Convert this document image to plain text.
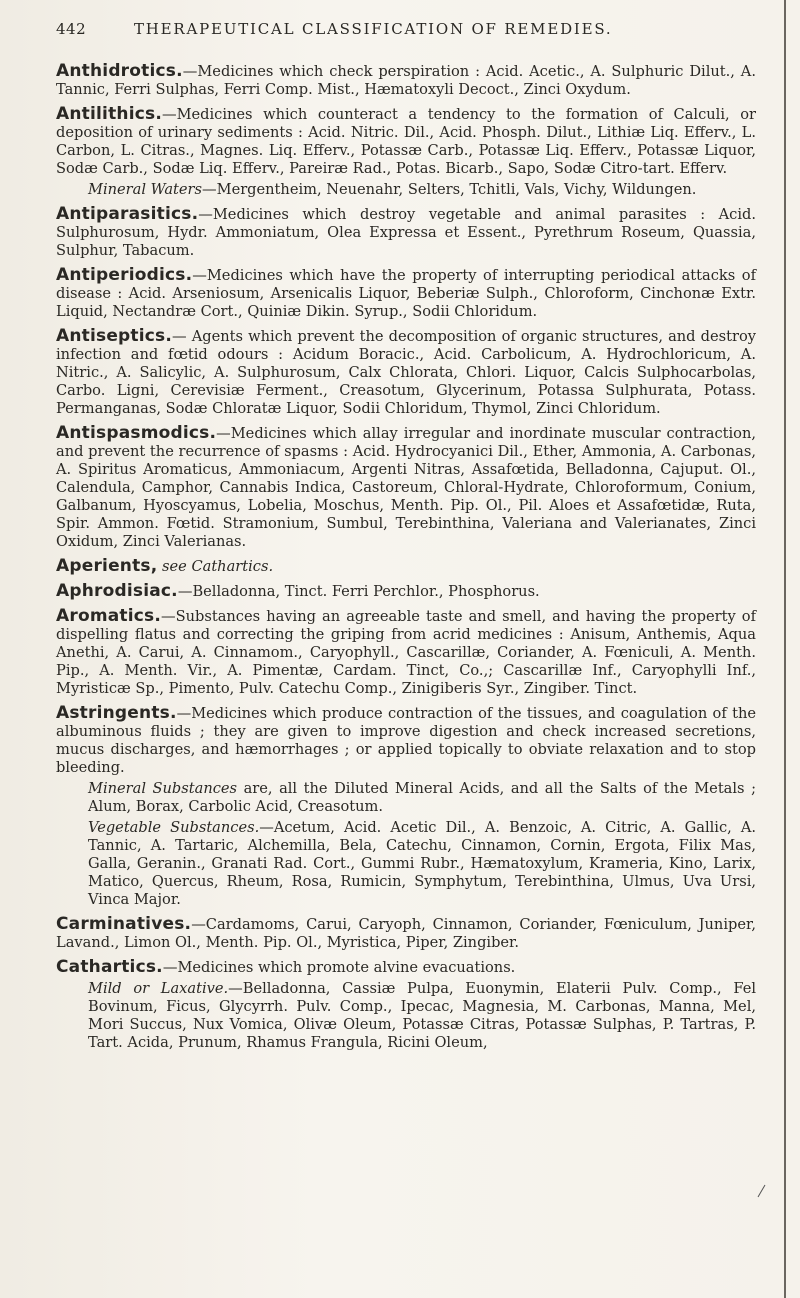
442	THERAPEUTICAL CLASSIFICATION OF REMEDIES.
Anthidrotics.—Medicines which check perspiration : Acid. Acetic., A. Sulphuric Dilut., A. Tannic, Ferri Sulphas, Ferri Comp. Mist., Hæmatoxyli Decoct., Zinci Oxydum.
Antilithics.—Medicines which counteract a tendency to the formation of Calculi, or deposition of urinary sediments : Acid. Nitric. Dil., Acid. Phosph. Dilut., Lithiæ Liq. Efferv., L. Carbon, L. Citras., Magnes. Liq. Efferv., Potassæ Carb., Potassæ Liq. Efferv., Potassæ Liquor, Sodæ Carb., Sodæ Liq. Efferv., Pareiræ Rad., Potas. Bicarb., Sapo, Sodæ Citro-tart. Efferv.
Mineral Waters—Mergentheim, Neuenahr, Selters, Tchitli, Vals, Vichy, Wildungen.
Antiparasitics.—Medicines which destroy vegetable and animal parasites : Acid. Sulphurosum, Hydr. Ammoniatum, Olea Expressa et Essent., Pyrethrum Roseum, Quassia, Sulphur, Tabacum.
Antiperiodics.—Medicines which have the property of interrupting periodical attacks of disease : Acid. Arseniosum, Arsenicalis Liquor, Beberiæ Sulph., Chloroform, Cinchonæ Extr. Liquid, Nectandræ Cort., Quiniæ Dikin. Syrup., Sodii Chloridum.
Antiseptics.— Agents which prevent the decomposition of organic structures, and destroy infection and fœtid odours : Acidum Boracic., Acid. Carbolicum, A. Hydrochloricum, A. Nitric., A. Salicylic, A. Sulphurosum, Calx Chlorata, Chlori. Liquor, Calcis Sulphocarbolas, Carbo. Ligni, Cerevisiæ Ferment., Creasotum, Glycerinum, Potassa Sulphurata, Potass. Permanganas, Sodæ Chloratæ Liquor, Sodii Chloridum, Thymol, Zinci Chloridum.
Antispasmodics.—Medicines which allay irregular and inordinate muscular contraction, and prevent the recurrence of spasms : Acid. Hydrocyanici Dil., Ether, Ammonia, A. Carbonas, A. Spiritus Aromaticus, Ammoniacum, Argenti Nitras, Assafœtida, Belladonna, Cajuput. Ol., Calendula, Camphor, Cannabis Indica, Castoreum, Chloral-Hydrate, Chloroformum, Conium, Galbanum, Hyoscyamus, Lobelia, Moschus, Menth. Pip. Ol., Pil. Aloes et Assafœtidæ, Ruta, Spir. Ammon. Fœtid. Stramonium, Sumbul, Terebinthina, Valeriana and Valerianates, Zinci Oxidum, Zinci Valerianas.
Aperients, see Cathartics.
Aphrodisiac.—Belladonna, Tinct. Ferri Perchlor., Phosphorus.
Aromatics.—Substances having an agreeable taste and smell, and having the property of dispelling flatus and correcting the griping from acrid medicines : Anisum, Anthemis, Aqua Anethi, A. Carui, A. Cinnamom., Caryophyll., Cascarillæ, Coriander, A. Fœniculi, A. Menth. Pip., A. Menth. Vir., A. Pimentæ, Cardam. Tinct, Co.,; Cascarillæ Inf., Caryophylli Inf., Myristicæ Sp., Pimento, Pulv. Catechu Comp., Zinigiberis Syr., Zingiber. Tinct.
Astringents.—Medicines which produce contraction of the tissues, and coagulation of the albuminous fluids ; they are given to improve digestion and check increased secretions, mucus discharges, and hæmorrhages ; or applied topically to obviate relaxation and to stop bleeding.
Mineral Substances are, all the Diluted Mineral Acids, and all the Salts of the Metals ; Alum, Borax, Carbolic Acid, Creasotum.
Vegetable Substances.—Acetum, Acid. Acetic Dil., A. Benzoic, A. Citric, A. Gallic, A. Tannic, A. Tartaric, Alchemilla, Bela, Catechu, Cinnamon, Cornin, Ergota, Filix Mas, Galla, Geranin., Granati Rad. Cort., Gummi Rubr., Hæmatoxylum, Krameria, Kino, Larix, Matico, Quercus, Rheum, Rosa, Rumicin, Symphytum, Terebinthina, Ulmus, Uva Ursi, Vinca Major.
Carminatives.—Cardamoms, Carui, Caryoph, Cinnamon, Coriander, Fœniculum, Juniper, Lavand., Limon Ol., Menth. Pip. Ol., Myristica, Piper, Zingiber.
Cathartics.—Medicines which promote alvine evacuations.
Mild or Laxative.—Belladonna, Cassiæ Pulpa, Euonymin, Elaterii Pulv. Comp., Fel Bovinum, Ficus, Glycyrrh. Pulv. Comp., Ipecac, Magnesia, M. Carbonas, Manna, Mel, Mori Succus, Nux Vomica, Olivæ Oleum, Potassæ Citras, Potassæ Sulphas, P. Tartras, P. Tart. Acida, Prunum, Rhamus Frangula, Ricini Oleum,
